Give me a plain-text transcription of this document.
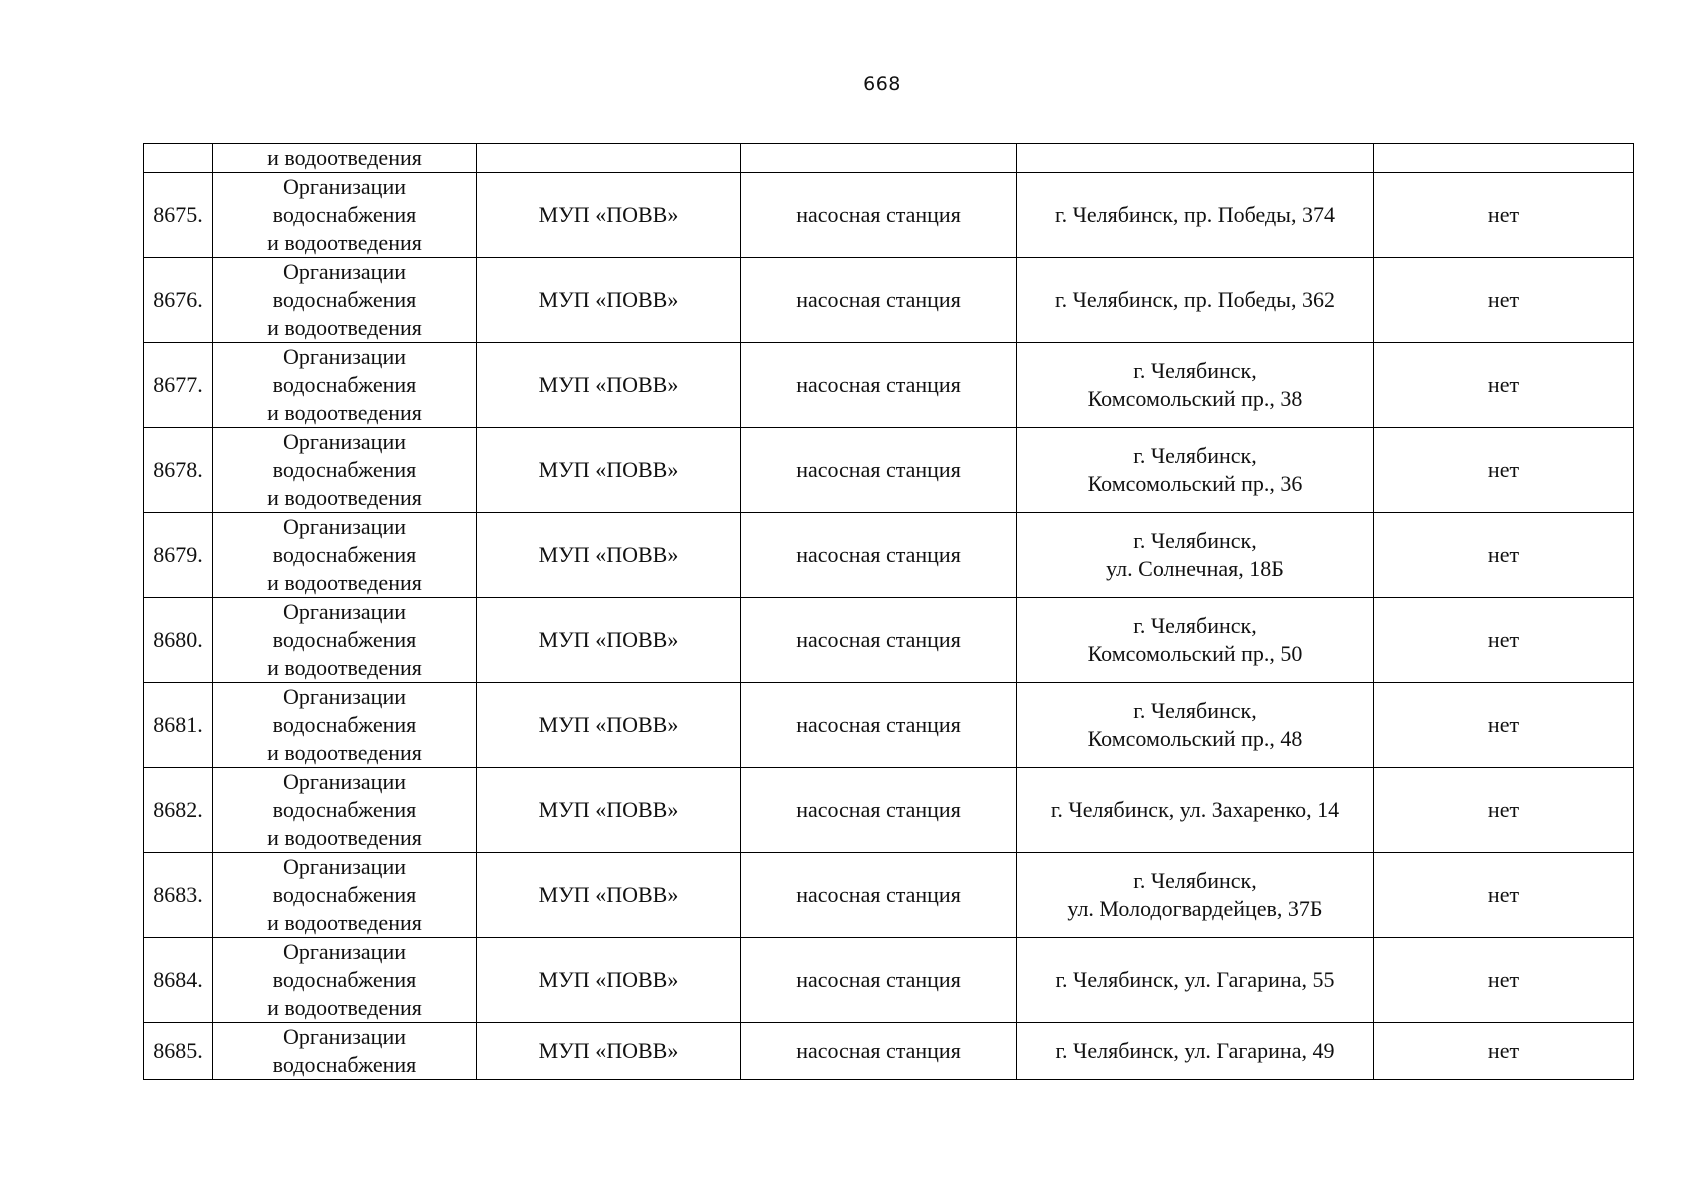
668

	и водоотведения				

8675.	Организации
водоснабжения
и водоотведения	МУП «ПОВВ»	насосная станция	г. Челябинск, пр. Победы, 374	нет

8676.	Организации
водоснабжения
и водоотведения	МУП «ПОВВ»	насосная станция	г. Челябинск, пр. Победы, 362	нет

8677.	Организации
водоснабжения
и водоотведения	МУП «ПОВВ»	насосная станция	г. Челябинск,
Комсомольский пр., 38	нет

8678.	Организации
водоснабжения
и водоотведения	МУП «ПОВВ»	насосная станция	г. Челябинск,
Комсомольский пр., 36	нет

8679.	Организации
водоснабжения
и водоотведения	МУП «ПОВВ»	насосная станция	г. Челябинск,
ул. Солнечная, 18Б	нет

8680.	Организации
водоснабжения
и водоотведения	МУП «ПОВВ»	насосная станция	г. Челябинск,
Комсомольский пр., 50	нет

8681.	Организации
водоснабжения
и водоотведения	МУП «ПОВВ»	насосная станция	г. Челябинск,
Комсомольский пр., 48	нет

8682.	Организации
водоснабжения
и водоотведения	МУП «ПОВВ»	насосная станция	г. Челябинск, ул. Захаренко, 14	нет

8683.	Организации
водоснабжения
и водоотведения	МУП «ПОВВ»	насосная станция	г. Челябинск,
ул. Молодогвардейцев, 37Б	нет

8684.	Организации
водоснабжения
и водоотведения	МУП «ПОВВ»	насосная станция	г. Челябинск, ул. Гагарина, 55	нет

8685.	Организации
водоснабжения	МУП «ПОВВ»	насосная станция	г. Челябинск, ул. Гагарина, 49	нет
